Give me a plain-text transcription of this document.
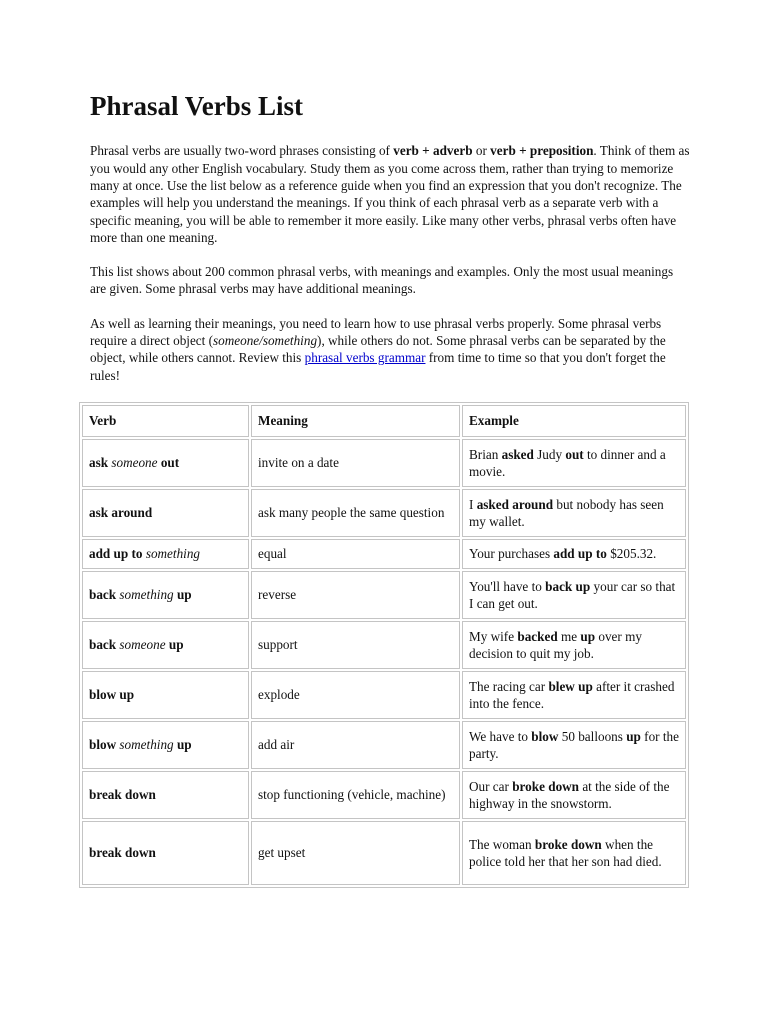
Phrasal Verbs List

Phrasal verbs are usually two-word phrases consisting of verb + adverb or verb + preposition. Think of them as you would any other English vocabulary. Study them as you come across them, rather than trying to memorize many at once. Use the list below as a reference guide when you find an expression that you don't recognize. The examples will help you understand the meanings. If you think of each phrasal verb as a separate verb with a specific meaning, you will be able to remember it more easily. Like many other verbs, phrasal verbs often have more than one meaning.

This list shows about 200 common phrasal verbs, with meanings and examples. Only the most usual meanings are given. Some phrasal verbs may have additional meanings.

As well as learning their meanings, you need to learn how to use phrasal verbs properly. Some phrasal verbs require a direct object (someone/something), while others do not. Some phrasal verbs can be separated by the object, while others cannot. Review this phrasal verbs grammar from time to time so that you don't forget the rules!

Verb	Meaning	Example
ask someone out	invite on a date	Brian asked Judy out to dinner and a movie.
ask around	ask many people the same question	I asked around but nobody has seen my wallet.
add up to something	equal	Your purchases add up to $205.32.
back something up	reverse	You'll have to back up your car so that I can get out.
back someone up	support	My wife backed me up over my decision to quit my job.
blow up	explode	The racing car blew up after it crashed into the fence.
blow something up	add air	We have to blow 50 balloons up for the party.
break down	stop functioning (vehicle, machine)	Our car broke down at the side of the highway in the snowstorm.
break down	get upset	The woman broke down when the police told her that her son had died.
